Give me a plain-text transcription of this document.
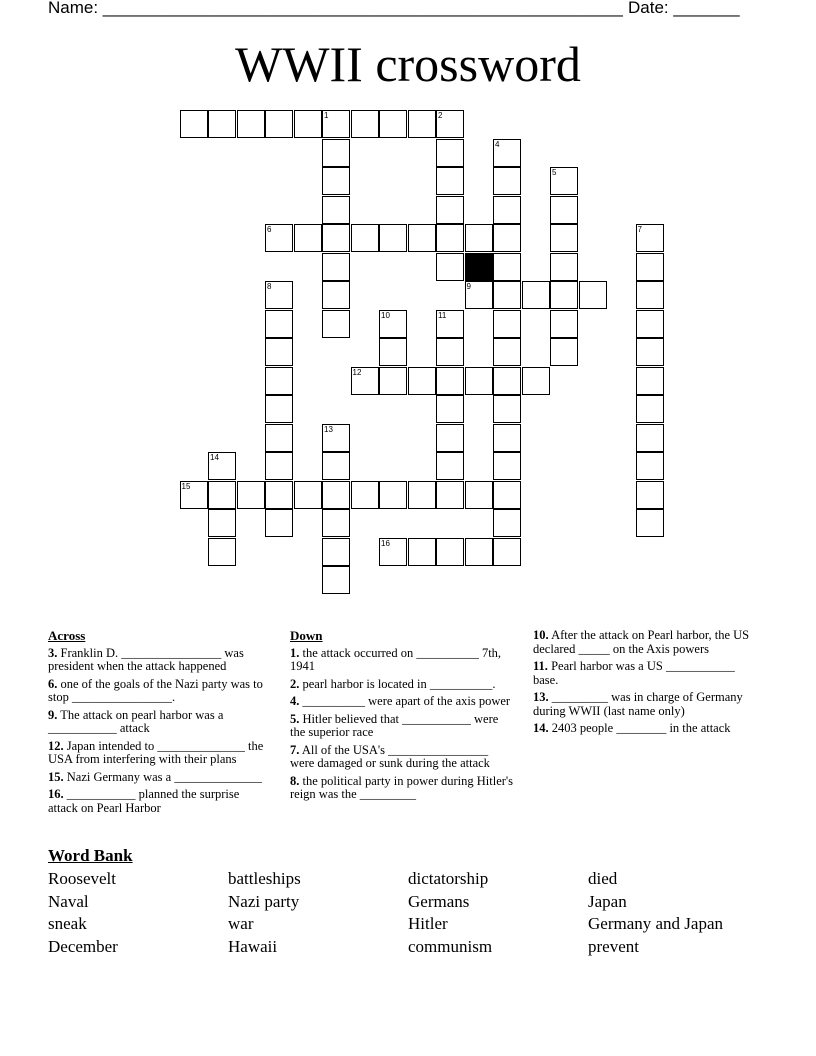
Name: _______________________________________________________ Date: _______
WWII crossword
1
6
9
12
15
16
2
4
5
7
8
10	11
13
14
Across
3. Franklin D. ________________ was president when the attack happened
6. one of the goals of the Nazi party was to stop ________________.
9. The attack on pearl harbor was a ___________ attack
12. Japan intended to ______________ the USA from interfering with their plans
15. Nazi Germany was a ______________
16. ___________ planned the surprise attack on Pearl Harbor
Down
1. the attack occurred on __________ 7th, 1941
2. pearl harbor is located in __________.
4. __________ were apart of the axis power
5. Hitler believed that ___________ were the superior race
7. All of the USA's ________________ were damaged or sunk during the attack
8. the political party in power during Hitler's reign was the _________
10. After the attack on Pearl harbor, the US declared _____ on the Axis powers
11. Pearl harbor was a US ___________ base.
13. _________ was in charge of Germany during WWII (last name only)
14. 2403 people ________ in the attack
Word Bank
Roosevelt	battleships	dictatorship	died
Naval	Nazi party	Germans	Japan
sneak	war	Hitler	Germany and Japan
December	Hawaii	communism	prevent
